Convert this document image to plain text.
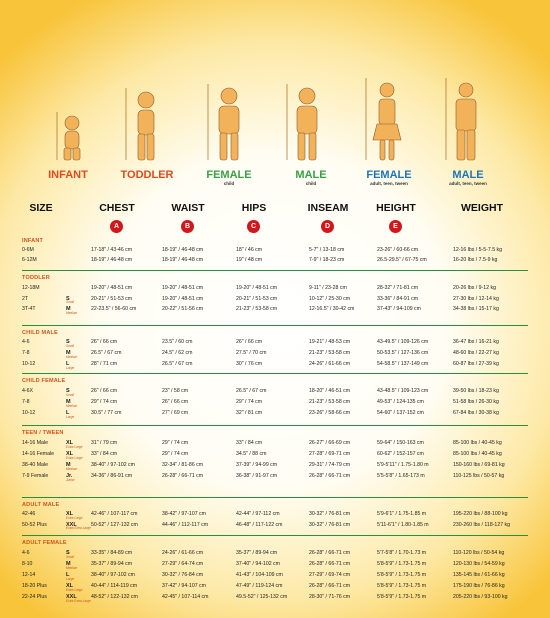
INFANT	TODDLER	FEMALE
child
MALE
child
FEMALE
adult, teen, tween
MALE
adult, teen, tween
SIZE	CHEST	WAIST	HIPS	INSEAM	HEIGHT	WEIGHT
A	B	C	D	E
INFANT
0-6M	17-18" / 43-46 cm	18-19" / 46-48 cm	18" / 46 cm	5-7" / 13-18 cm	23-26" / 60-66 cm	12-16 lbs / 5-5-7.5 kg
6-12M	18-19" / 46-48 cm	18-19" / 46-48 cm	19" / 48 cm	7-9" / 18-23 cm	26.5-29.5" / 67-75 cm	16-20 lbs / 7.5-9 kg
TODDLER
12-18M	19-20" / 48-51 cm	19-20" / 48-51 cm	19-20" / 48-51 cm	9-11" / 23-28 cm	28-32" / 71-81 cm	20-26 lbs / 9-12 kg
2T	S	20-21" / 51-53 cm	19-20" / 48-51 cm	20-21" / 51-53 cm	10-12" / 25-30 cm	33-36" / 84-91 cm	27-30 lbs / 12-14 kg
Small
3T-4T	M	22-23.5" / 56-60 cm	20-22" / 51-56 cm	21-23" / 53-58 cm	12-16.5" / 30-42 cm	37-43" / 94-109 cm	34-38 lbs / 15-17 kg
Medium
CHILD MALE
4-6	S	26" / 66 cm	23.5" / 60 cm	26" / 66 cm	19-21" / 48-53 cm	43-49.5" / 109-126 cm	36-47 lbs / 16-21 kg
Small
7-8	M	26.5" / 67 cm	24.5" / 62 cm	27.5" / 70 cm	21-23" / 53-58 cm	50-53.5" / 127-136 cm	48-60 lbs / 22-27 kg
Medium
10-12	L	28" / 71 cm	26.5" / 67 cm	30" / 76 cm	24-26" / 61-66 cm	54-58.5" / 137-149 cm	60-87 lbs / 27-39 kg
Large
CHILD FEMALE
4-6X	S	26" / 66 cm	23" / 58 cm	26.5" / 67 cm	18-20" / 46-51 cm	43-48.5" / 109-123 cm	39-50 lbs / 18-23 kg
Small
7-8	M	29" / 74 cm	26" / 66 cm	29" / 74 cm	21-23" / 53-58 cm	49-53" / 124-135 cm	51-58 lbs / 26-30 kg
Medium
10-12	L	30.5" / 77 cm	27" / 69 cm	32" / 81 cm	23-26" / 58-66 cm	54-60" / 137-152 cm	67-84 lbs / 30-38 kg
Large
TEEN / TWEEN
14-16 Male	XL	31" / 79 cm	29" / 74 cm	33" / 84 cm	26-27" / 66-69 cm	59-64" / 150-163 cm	85-100 lbs / 40-45 kg
Extra Large
14-16 Female XL	33" / 84 cm	29" / 74 cm	34.5" / 88 cm	27-28" / 69-71 cm	60-62" / 152-157 cm	85-100 lbs / 40-45 kg
Extra Large
38-40 Male	M	38-40" / 97-102 cm	32-34" / 81-86 cm	37-39" / 94-99 cm	29-31" / 74-79 cm	5'9-5'11" / 1.75-1.80 m	150-160 lbs / 69-81 kg
Medium
7-9 Female	Jr.	34-36" / 86-91 cm	26-28" / 66-71 cm	36-38" / 91-97 cm	26-28" / 66-71 cm	5'5-5'8" / 1.65-173 m	110-125 lbs / 50-57 kg
Junior
ADULT MALE
42-46	XL	42-46" / 107-117 cm	38-42" / 97-107 cm	42-44" / 97-112 cm	30-32" / 76-81 cm	5'9-6'1" / 1.75-1.85 m	195-220 lbs / 88-100 kg
Extra Large
50-52 Plus	XXL	50-52" / 127-132 cm	44-46" / 112-117 cm	46-48" / 117-122 cm	30-32" / 76-81 cm	5'11-6'1" / 1.80-1.85 m	230-260 lbs / 118-127 kg
Extra Extra Large
ADULT FEMALE
4-6	S	33-35" / 84-89 cm	24-26" / 61-66 cm	35-37" / 89-94 cm	26-28" / 66-71 cm	5'7-5'8" / 1.70-1.73 m	110-120 lbs / 50-54 kg
Small
8-10	M	35-37" / 89-94 cm	27-29" / 64-74 cm	37-40" / 94-102 cm	26-28" / 66-71 cm	5'8-5'9" / 1.73-1.75 m	120-130 lbs / 54-59 kg
Medium
12-14	L	38-40" / 97-102 cm	30-32" / 76-84 cm	41-43" / 104-109 cm	27-29" / 69-74 cm	5'8-5'9" / 1.73-1.75 m	135-145 lbs / 61-66 kg
Large
18-20 Plus	XL	40-44" / 114-119 cm	37-42" / 94-107 cm	47-49" / 119-124 cm	26-28" / 66-71 cm	5'8-5'9" / 1.73-1.75 m	175-190 lbs / 76-86 kg
Extra Large
22-24 Plus	XXL	48-52" / 122-132 cm	42-45" / 107-114 cm	49.5-52" / 125-132 cm	28-30" / 71-76 cm	5'8-5'9" / 1.73-1.75 m	205-220 lbs / 93-100 kg
Extra Extra Large
